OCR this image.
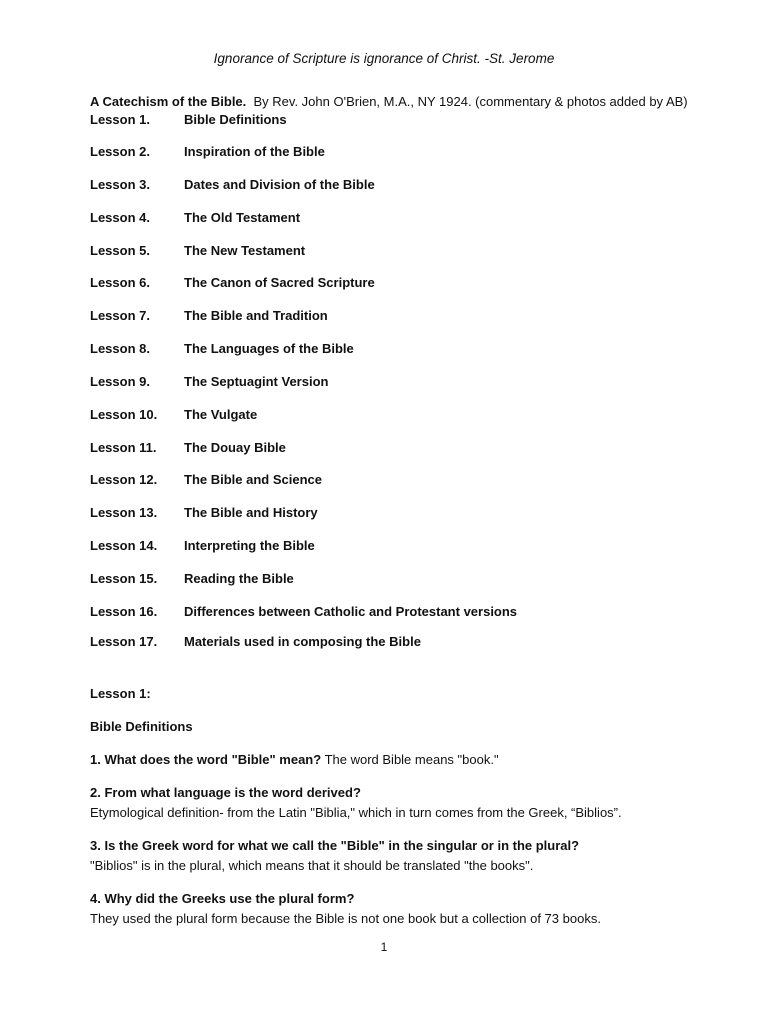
Ignorance of Scripture is ignorance of Christ. -St. Jerome
A Catechism of the Bible. By Rev. John O'Brien, M.A., NY 1924. (commentary & photos added by AB)
Lesson 1.	Bible Definitions
Lesson 2.	Inspiration of the Bible
Lesson 3.	Dates and Division of the Bible
Lesson 4.	The Old Testament
Lesson 5.	The New Testament
Lesson 6.	The Canon of Sacred Scripture
Lesson 7.	The Bible and Tradition
Lesson 8.	The Languages of the Bible
Lesson 9.	The Septuagint Version
Lesson 10. The Vulgate
Lesson 11. The Douay Bible
Lesson 12. The Bible and Science
Lesson 13. The Bible and History
Lesson 14. Interpreting the Bible
Lesson 15. Reading the Bible
Lesson 16. Differences between Catholic and Protestant versions
Lesson 17. Materials used in composing the Bible
Lesson 1:
Bible Definitions
1. What does the word "Bible" mean? The word Bible means "book."
2. From what language is the word derived?
Etymological definition- from the Latin "Biblia," which in turn comes from the Greek, “Biblios”.
3. Is the Greek word for what we call the "Bible" in the singular or in the plural?
"Biblios" is in the plural, which means that it should be translated "the books".
4. Why did the Greeks use the plural form?
They used the plural form because the Bible is not one book but a collection of 73 books.
1
